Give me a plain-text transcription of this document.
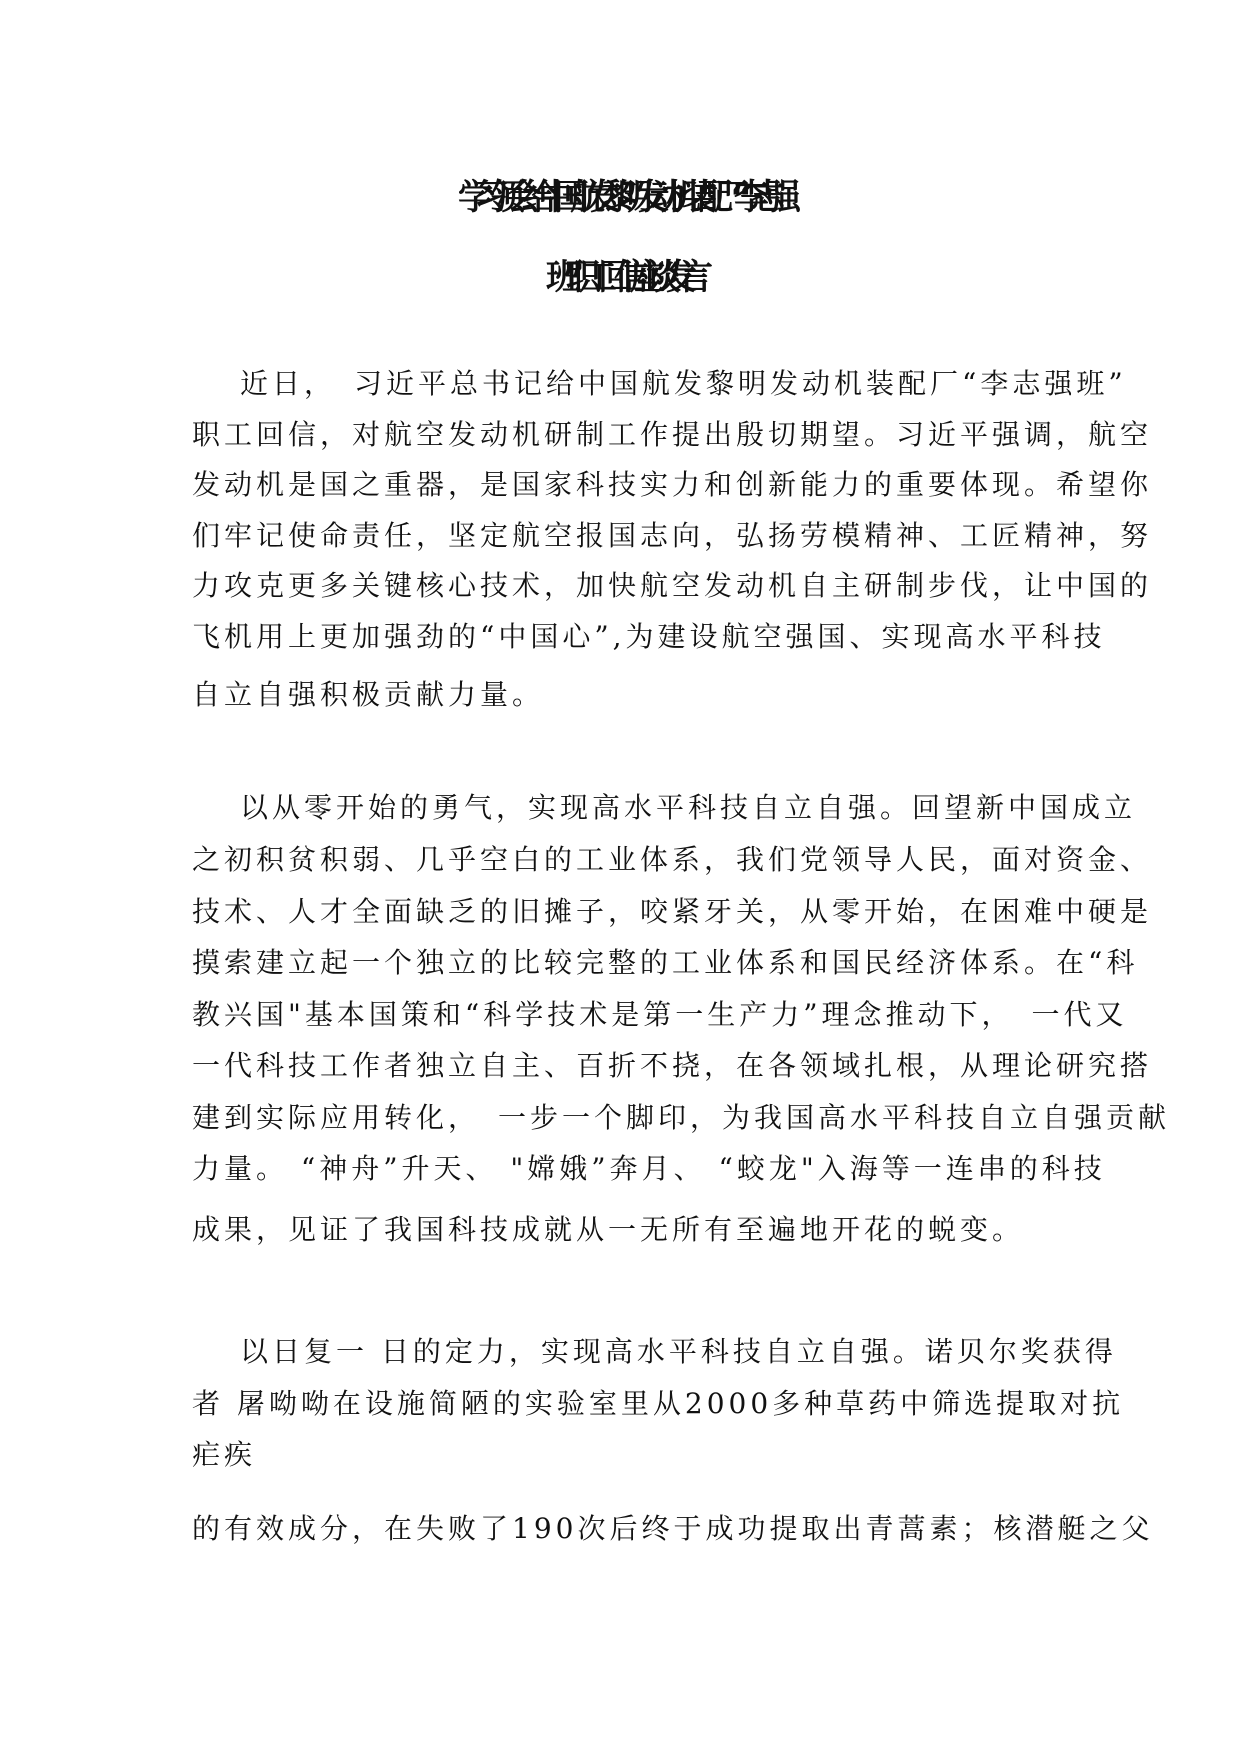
学习领会给中国航发黎明发动机装配厂“李志强
班”职工回信座谈发言
近日，　习近平总书记给中国航发黎明发动机装配厂“李志强班”
职工回信，对航空发动机研制工作提出殷切期望。习近平强调，航空
发动机是国之重器，是国家科技实力和创新能力的重要体现。希望你
们牢记使命责任，坚定航空报国志向，弘扬劳模精神、工匠精神，努
力攻克更多关键核心技术，加快航空发动机自主研制步伐，让中国的
飞机用上更加强劲的“中国心”,为建设航空强国、实现高水平科技
自立自强积极贡献力量。
以从零开始的勇气，实现高水平科技自立自强。回望新中国成立
之初积贫积弱、几乎空白的工业体系，我们党领导人民，面对资金、
技术、人才全面缺乏的旧摊子，咬紧牙关，从零开始，在困难中硬是
摸索建立起一个独立的比较完整的工业体系和国民经济体系。在“科
教兴国"基本国策和“科学技术是第一生产力”理念推动下，　一代又
一代科技工作者独立自主、百折不挠，在各领域扎根，从理论研究搭
建到实际应用转化，　一步一个脚印，为我国高水平科技自立自强贡献
力量。 “神舟”升天、 "嫦娥”奔月、 “蛟龙"入海等一连串的科技
成果，见证了我国科技成就从一无所有至遍地开花的蜕变。
以日复一 日的定力，实现高水平科技自立自强。诺贝尔奖获得
者 屠呦呦在设施简陋的实验室里从2000多种草药中筛选提取对抗
疟疾
的有效成分，在失败了190次后终于成功提取出青蒿素；核潜艇之父
